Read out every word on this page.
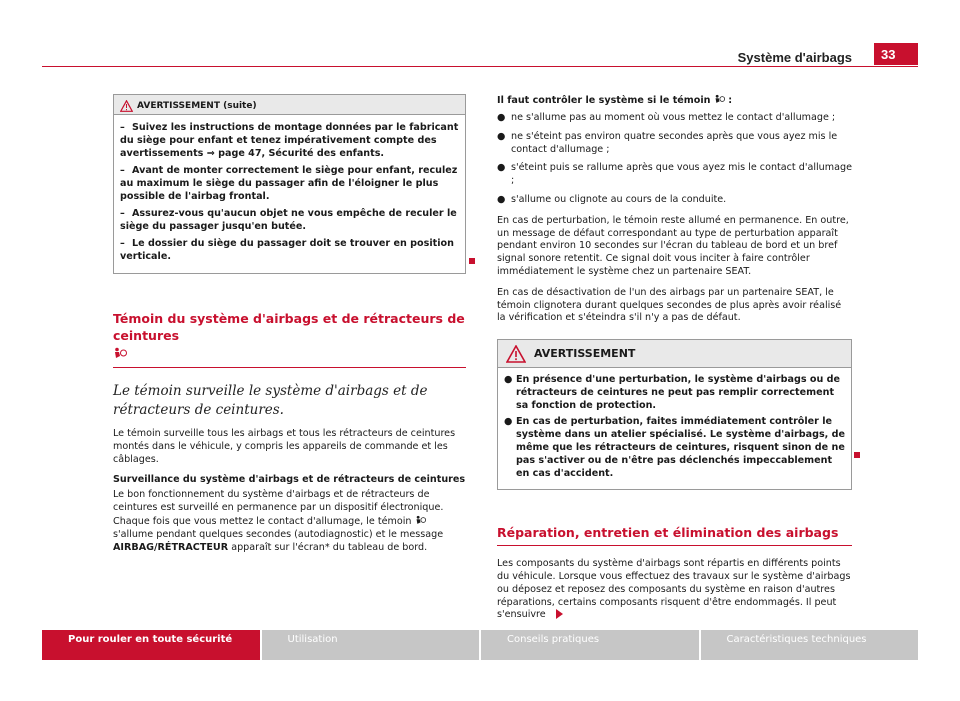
Système d'airbags	33
AVERTISSEMENT (suite)
– Suivez les instructions de montage données par le fabricant du siège pour enfant et tenez impérativement compte des avertissements ⇒ page 47, Sécurité des enfants.
– Avant de monter correctement le siège pour enfant, reculez au maximum le siège du passager afin de l'éloigner le plus possible de l'airbag frontal.
– Assurez-vous qu'aucun objet ne vous empêche de reculer le siège du passager jusqu'en butée.
– Le dossier du siège du passager doit se trouver en position verticale.
Témoin du système d'airbags et de rétracteurs de ceintures
Le témoin surveille le système d'airbags et de rétracteurs de ceintures.

Le témoin surveille tous les airbags et tous les rétracteurs de ceintures montés dans le véhicule, y compris les appareils de commande et les câblages.

Surveillance du système d'airbags et de rétracteurs de ceintures

Le bon fonctionnement du système d'airbags et de rétracteurs de ceintures est surveillé en permanence par un dispositif électronique. Chaque fois que vous mettez le contact d'allumage, le témoin  s'allume pendant quelques secondes (autodiagnostic) et le message AIRBAG/RÉTRACTEUR apparaît sur l'écran* du tableau de bord.

Il faut contrôler le système si le témoin :
● ne s'allume pas au moment où vous mettez le contact d'allumage ;
● ne s'éteint pas environ quatre secondes après que vous ayez mis le contact d'allumage ;
● s'éteint puis se rallume après que vous ayez mis le contact d'allumage ;
● s'allume ou clignote au cours de la conduite.

En cas de perturbation, le témoin reste allumé en permanence. En outre, un message de défaut correspondant au type de perturbation apparaît pendant environ 10 secondes sur l'écran du tableau de bord et un bref signal sonore retentit. Ce signal doit vous inciter à faire contrôler immédiatement le système chez un partenaire SEAT.

En cas de désactivation de l'un des airbags par un partenaire SEAT, le témoin clignotera durant quelques secondes de plus après avoir réalisé la vérification et s'éteindra s'il n'y a pas de défaut.

AVERTISSEMENT
● En présence d'une perturbation, le système d'airbags ou de rétracteurs de ceintures ne peut pas remplir correctement sa fonction de protection.
● En cas de perturbation, faites immédiatement contrôler le système dans un atelier spécialisé. Le système d'airbags, de même que les rétracteurs de ceintures, risquent sinon de ne pas s'activer ou de n'être pas déclenchés impeccablement en cas d'accident.
Réparation, entretien et élimination des airbags

Les composants du système d'airbags sont répartis en différents points du véhicule. Lorsque vous effectuez des travaux sur le système d'airbags ou déposez et reposez des composants du système en raison d'autres réparations, certains composants risquent d'être endommagés. Il peut s'ensuivre

Pour rouler en toute sécurité	Utilisation	Conseils pratiques	Caractéristiques techniques
